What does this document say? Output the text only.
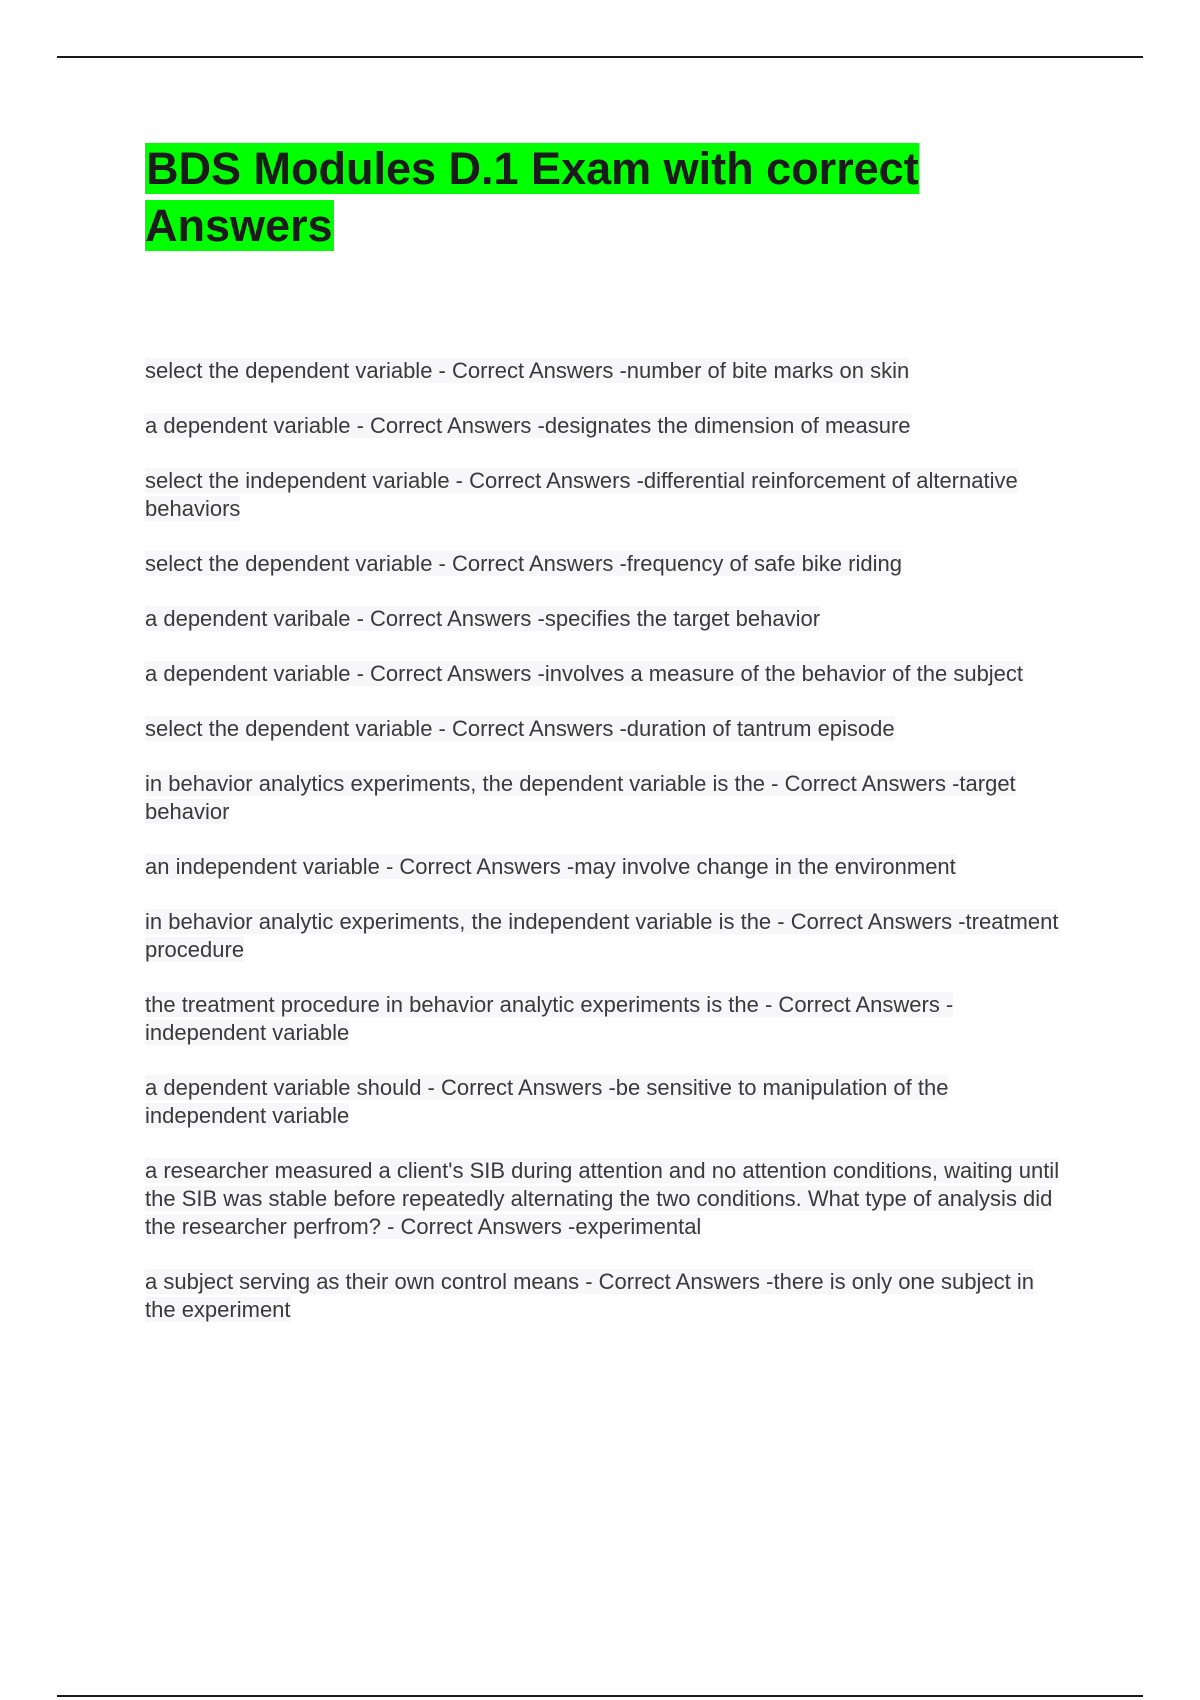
BDS Modules D.1 Exam with correct Answers
select the dependent variable - Correct Answers -number of bite marks on skin
a dependent variable - Correct Answers -designates the dimension of measure
select the independent variable - Correct Answers -differential reinforcement of alternative behaviors
select the dependent variable - Correct Answers -frequency of safe bike riding
a dependent varibale - Correct Answers -specifies the target behavior
a dependent variable - Correct Answers -involves a measure of the behavior of the subject
select the dependent variable - Correct Answers -duration of tantrum episode
in behavior analytics experiments, the dependent variable is the - Correct Answers -target behavior
an independent variable - Correct Answers -may involve change in the environment
in behavior analytic experiments, the independent variable is the - Correct Answers -treatment procedure
the treatment procedure in behavior analytic experiments is the - Correct Answers -independent variable
a dependent variable should - Correct Answers -be sensitive to manipulation of the independent variable
a researcher measured a client's SIB during attention and no attention conditions, waiting until the SIB was stable before repeatedly alternating the two conditions. What type of analysis did the researcher perfrom? - Correct Answers -experimental
a subject serving as their own control means - Correct Answers -there is only one subject in the experiment
